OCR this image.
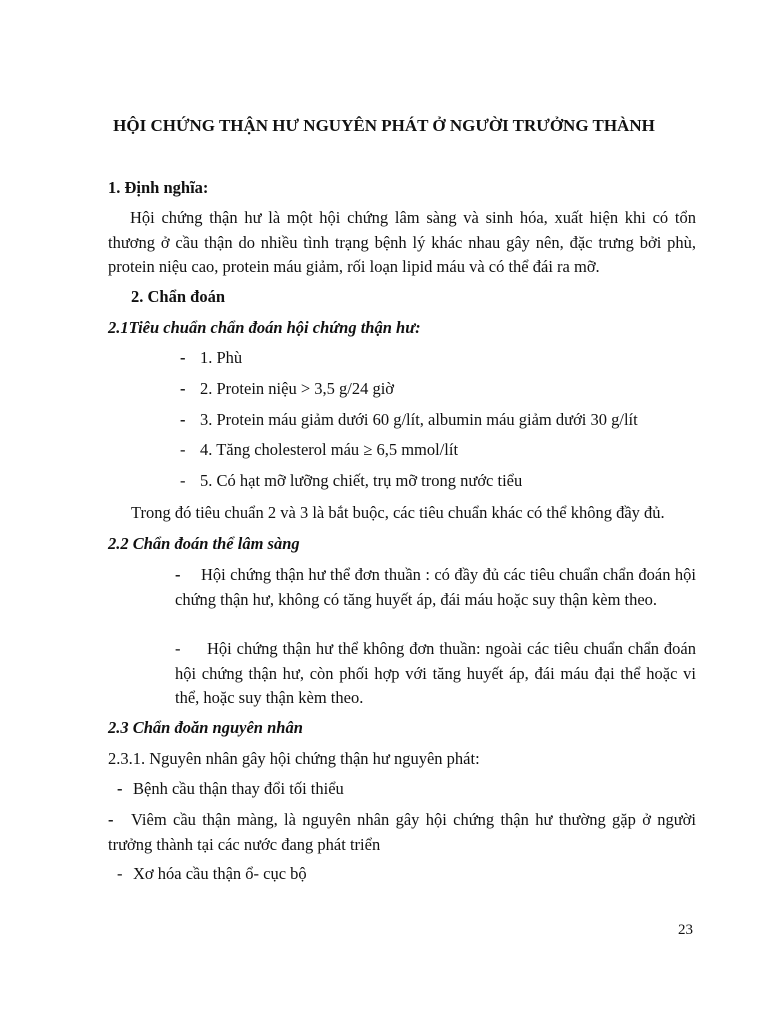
HỘI CHỨNG THẬN HƯ NGUYÊN PHÁT Ở NGƯỜI TRƯỞNG THÀNH
1. Định nghĩa:
Hội chứng thận hư là một hội chứng lâm sàng và sinh hóa, xuất hiện khi có tổn thương ở cầu thận do nhiều tình trạng bệnh lý khác nhau gây nên, đặc trưng bởi phù, protein niệu cao, protein máu giảm, rối loạn lipid máu và có thể đái ra mỡ.
2. Chẩn đoán
2.1Tiêu chuẩn chẩn đoán hội chứng thận hư:
- 1. Phù
- 2. Protein niệu > 3,5 g/24 giờ
- 3. Protein máu giảm dưới 60 g/lít, albumin máu giảm dưới 30 g/lít
- 4. Tăng cholesterol máu ≥ 6,5 mmol/lít
- 5. Có hạt mỡ lưỡng chiết, trụ mỡ trong nước tiểu
Trong đó tiêu chuẩn 2 và 3 là bắt buộc, các tiêu chuẩn khác có thể không đầy đủ.
2.2 Chẩn đoán thể lâm sàng
- Hội chứng thận hư thể đơn thuần : có đầy đủ các tiêu chuẩn chẩn đoán hội chứng thận hư, không có tăng huyết áp, đái máu hoặc suy thận kèm theo.
- Hội chứng thận hư thể không đơn thuần: ngoài các tiêu chuẩn chẩn đoán hội chứng thận hư, còn phối hợp với tăng huyết áp, đái máu đại thể hoặc vi thể, hoặc suy thận kèm theo.
2.3 Chẩn đoăn nguyên nhân
2.3.1. Nguyên nhân gây hội chứng thận hư nguyên phát:
- Bệnh cầu thận thay đổi tối thiểu
- Viêm cầu thận màng, là nguyên nhân gây hội chứng thận hư thường gặp ở người trưởng thành tại các nước đang phát triển
- Xơ hóa cầu thận ổ- cục bộ
23
